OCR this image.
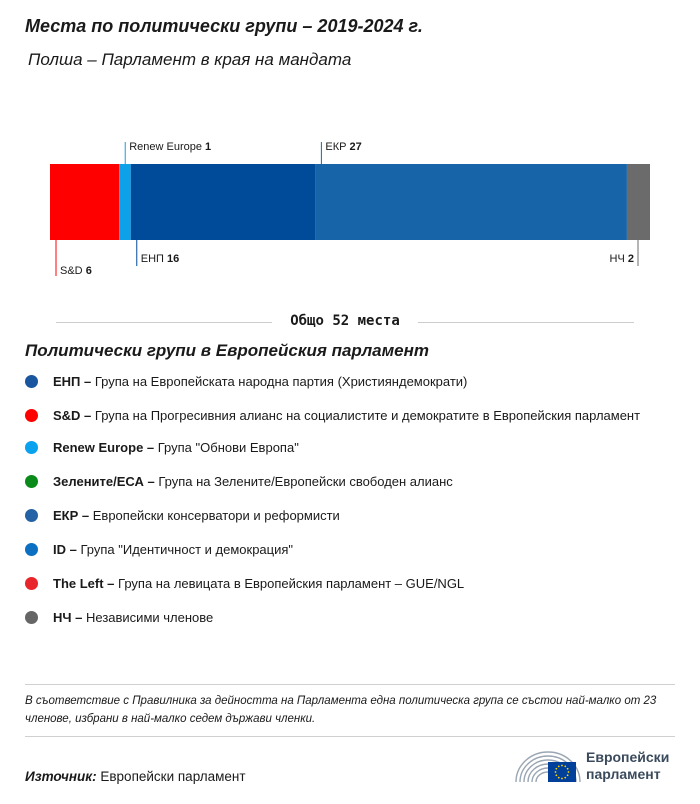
Места по политически групи – 2019-2024 г.
Полша – Парламент в края на мандата
S&D 6
Renew Europe 1
ЕНП 16
ЕКР 27
НЧ 2
Общо 52 места
Политически групи в Европейския парламент
ЕНП – Група на Европейската народна партия (Християндемократи)
S&D – Група на Прогресивния алианс на социалистите и демократите в Европейския парламент
Renew Europe – Група "Обнови Европа"
Зелените/ЕСА – Група на Зелените/Европейски свободен алианс
ЕКР – Европейски консерватори и реформисти
ID – Група "Идентичност и демокрация"
The Left – Група на левицата в Европейския парламент – GUE/NGL
НЧ – Независими членове
В съответствие с Правилника за дейността на Парламента една политическа група се състои най-малко от 23 членове, избрани в най-малко седем държави членки.
Източник: Европейски парламент
Европейски
парламент
